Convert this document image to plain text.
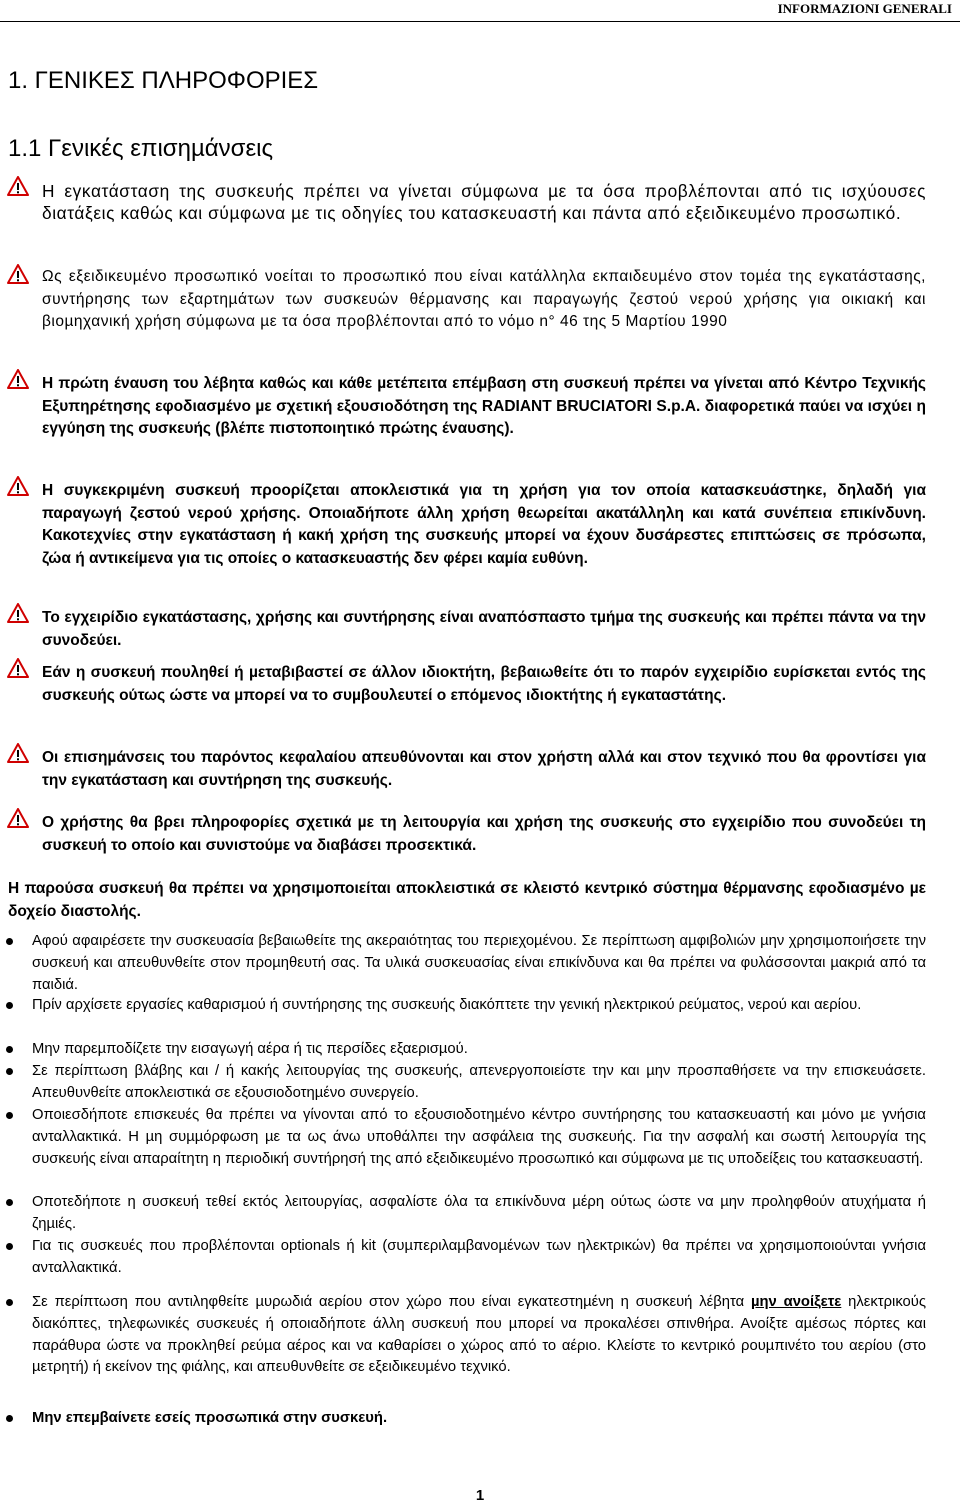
INFORMAZIONI GENERALI
1. ΓΕΝΙΚΕΣ ΠΛΗΡΟΦΟΡΙΕΣ
1.1 Γενικές επισηµάνσεις
Η εγκατάσταση της συσκευής πρέπει να γίνεται σύµφωνα µε τα όσα προβλέπονται από τις ισχύουσες διατάξεις καθώς και σύµφωνα µε τις οδηγίες του κατασκευαστή και πάντα από εξειδικευµένο προσωπικό.
Ως εξειδικευµένο προσωπικό νοείται το προσωπικό που είναι κατάλληλα εκπαιδευµένο στον τοµέα της εγκατάστασης, συντήρησης των εξαρτηµάτων των συσκευών θέρµανσης και παραγωγής ζεστού νερού χρήσης για οικιακή και βιοµηχανική χρήση σύµφωνα µε τα όσα προβλέπονται από το νόµο n° 46 της 5 Μαρτίου 1990
Η πρώτη έναυση του λέβητα καθώς και κάθε µετέπειτα επέµβαση στη συσκευή πρέπει να γίνεται από Κέντρο Τεχνικής Εξυπηρέτησης εφοδιασµένο µε σχετική εξουσιοδότηση της RADIANT BRUCIATORI S.p.A. διαφορετικά παύει να ισχύει η εγγύηση της συσκευής (βλέπε πιστοποιητικό πρώτης έναυσης).
Η συγκεκριµένη συσκευή προορίζεται αποκλειστικά για τη χρήση για τον οποία κατασκευάστηκε, δηλαδή για παραγωγή ζεστού νερού χρήσης. Οποιαδήποτε άλλη χρήση θεωρείται ακατάλληλη και κατά συνέπεια επικίνδυνη. Κακοτεχνίες στην εγκατάσταση ή κακή χρήση της συσκευής µπορεί να έχουν δυσάρεστες επιπτώσεις σε πρόσωπα, ζώα ή αντικείµενα για τις οποίες ο κατασκευαστής δεν φέρει καµία ευθύνη.
Το εγχειρίδιο εγκατάστασης, χρήσης και συντήρησης είναι αναπόσπαστο τµήµα της συσκευής και πρέπει πάντα να την συνοδεύει.
Εάν η συσκευή πουληθεί ή µεταβιβαστεί σε άλλον ιδιοκτήτη, βεβαιωθείτε ότι το παρόν εγχειρίδιο ευρίσκεται εντός της συσκευής ούτως ώστε να µπορεί να το συµβουλευτεί ο επόµενος ιδιοκτήτης ή εγκαταστάτης.
Οι επισηµάνσεις του παρόντος κεφαλαίου απευθύνονται και στον χρήστη αλλά και στον τεχνικό που θα φροντίσει για την εγκατάσταση και συντήρηση της συσκευής.
Ο χρήστης θα βρει πληροφορίες σχετικά µε τη λειτουργία και χρήση της συσκευής στο εγχειρίδιο που συνοδεύει τη συσκευή το οποίο και συνιστούµε να διαβάσει προσεκτικά.
Η παρούσα συσκευή θα πρέπει να χρησιµοποιείται αποκλειστικά σε κλειστό κεντρικό σύστηµα θέρµανσης εφοδιασµένο µε δοχείο διαστολής.
Αφού αφαιρέσετε την συσκευασία βεβαιωθείτε της ακεραιότητας του περιεχοµένου. Σε περίπτωση αµφιβολιών µην χρησιµοποιήσετε την συσκευή και απευθυνθείτε στον προµηθευτή σας. Τα υλικά συσκευασίας είναι επικίνδυνα και θα πρέπει να φυλάσσονται µακριά από τα παιδιά.
Πρίν αρχίσετε εργασίες καθαρισµού ή συντήρησης της συσκευής διακόπτετε την γενική ηλεκτρικού ρεύµατος, νερού και αερίου.
Μην παρεµποδίζετε την εισαγωγή αέρα ή τις περσίδες εξαερισµού.
Σε περίπτωση βλάβης και / ή κακής λειτουργίας της συσκευής, απενεργοποιείστε την και µην προσπαθήσετε να την επισκευάσετε. Απευθυνθείτε αποκλειστικά σε εξουσιοδοτηµένο συνεργείο.
Οποιεσδήποτε επισκευές θα πρέπει να γίνονται από το εξουσιοδοτηµένο κέντρο συντήρησης του κατασκευαστή και µόνο µε γνήσια ανταλλακτικά. Η µη συµµόρφωση µε τα ως άνω υποθάλπει την ασφάλεια της συσκευής. Για την ασφαλή και σωστή λειτουργία της συσκευής είναι απαραίτητη η περιοδική συντήρησή της από εξειδικευµένο προσωπικό και σύµφωνα µε τις υποδείξεις του κατασκευαστή.
Οποτεδήποτε η συσκευή τεθεί εκτός λειτουργίας, ασφαλίστε όλα τα επικίνδυνα µέρη ούτως ώστε να µην προληφθούν ατυχήµατα ή ζηµιές.
Για τις συσκευές που προβλέπονται optionals ή kit (συµπεριλαµβανοµένων των ηλεκτρικών) θα πρέπει να χρησιµοποιούνται γνήσια ανταλλακτικά.
Σε περίπτωση που αντιληφθείτε µυρωδιά αερίου στον χώρο που είναι εγκατεστηµένη η συσκευή λέβητα µην ανοίξετε ηλεκτρικούς διακόπτες, τηλεφωνικές συσκευές ή οποιαδήποτε άλλη συσκευή που µπορεί να προκαλέσει σπινθήρα. Ανοίξτε αµέσως πόρτες και παράθυρα ώστε να προκληθεί ρεύµα αέρος και να καθαρίσει ο χώρος από το αέριο. Κλείστε το κεντρικό ρουµπινέτο του αερίου (στο µετρητή) ή εκείνον της φιάλης, και απευθυνθείτε σε εξειδικευµένο τεχνικό.
Μην επεµβαίνετε εσείς προσωπικά στην συσκευή.
1
